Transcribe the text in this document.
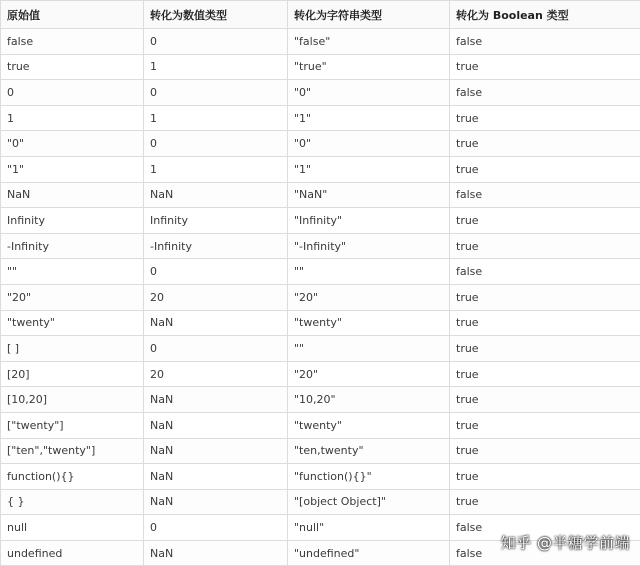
原始值	转化为数值类型	转化为字符串类型	转化为 Boolean 类型
false	0	"false"	false
true	1	"true"	true
0	0	"0"	false
1	1	"1"	true
"0"	0	"0"	true
"1"	1	"1"	true
NaN	NaN	"NaN"	false
Infinity	Infinity	"Infinity"	true
-Infinity	-Infinity	"-Infinity"	true
""	0	""	false
"20"	20	"20"	true
"twenty"	NaN	"twenty"	true
[ ]	0	""	true
[20]	20	"20"	true
[10,20]	NaN	"10,20"	true
["twenty"]	NaN	"twenty"	true
["ten","twenty"]	NaN	"ten,twenty"	true
function(){}	NaN	"function(){}"	true
{ }	NaN	"[object Object]"	true
null	0	"null"	false
undefined	NaN	"undefined"	false
知乎 @半糖学前端
